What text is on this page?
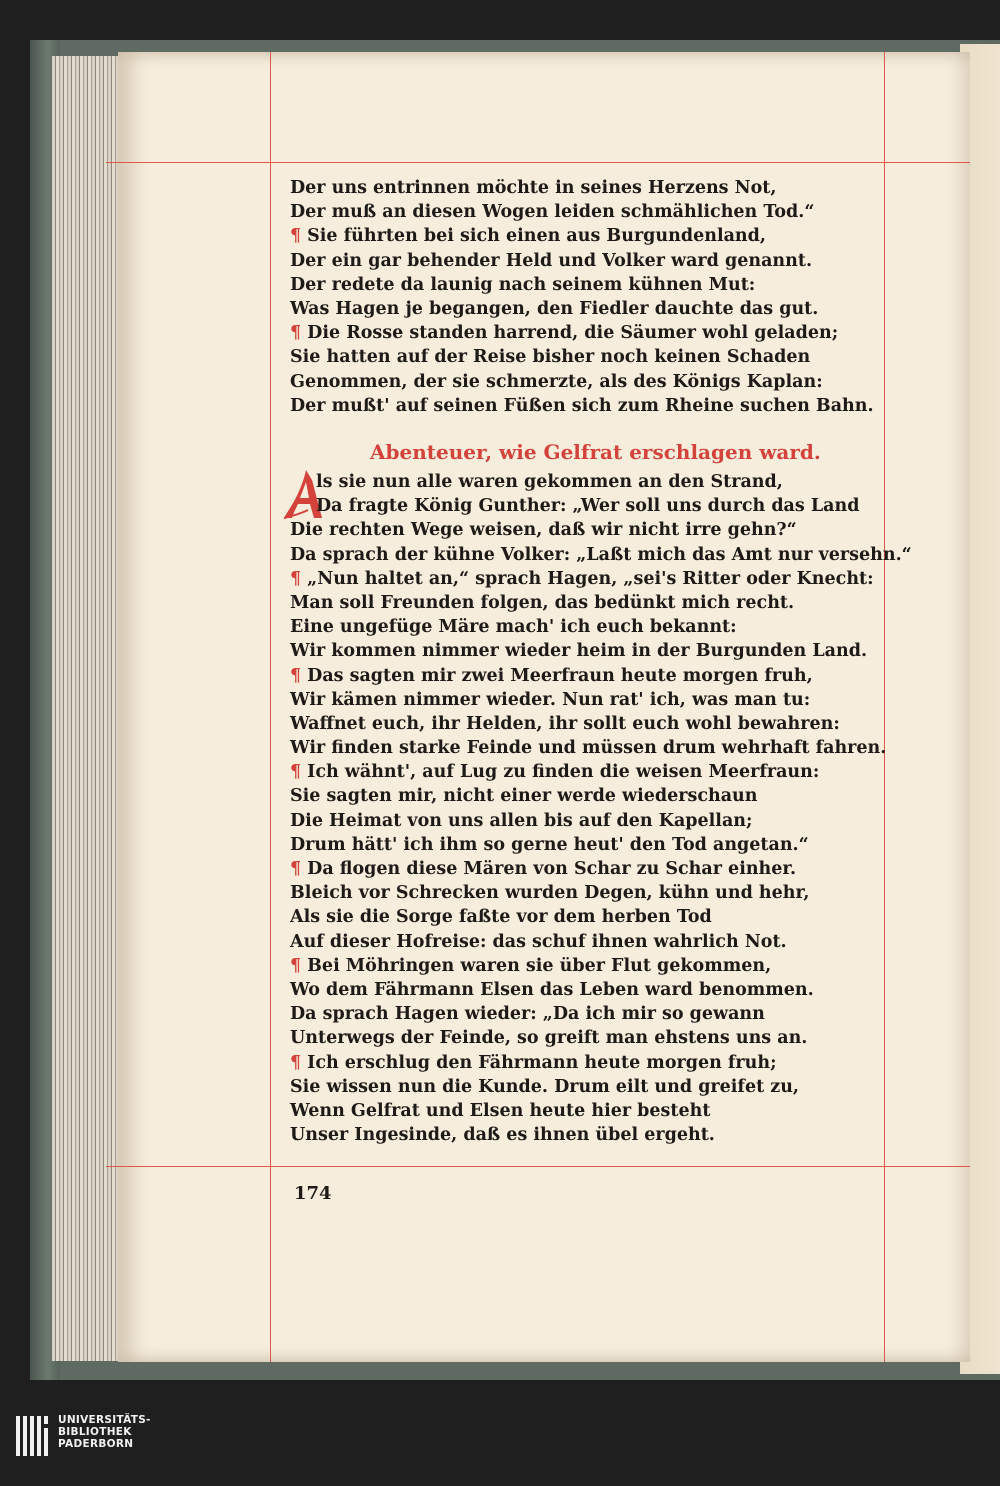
Der uns entrinnen möchte in seines Herzens Not,
Der muß an diesen Wogen leiden schmählichen Tod.“
¶ Sie führten bei sich einen aus Burgundenland,
Der ein gar behender Held und Volker ward genannt.
Der redete da launig nach seinem kühnen Mut:
Was Hagen je begangen, den Fiedler dauchte das gut.
¶ Die Rosse standen harrend, die Säumer wohl geladen;
Sie hatten auf der Reise bisher noch keinen Schaden
Genommen, der sie schmerzte, als des Königs Kaplan:
Der mußt' auf seinen Füßen sich zum Rheine suchen Bahn.
Abenteuer, wie Gelfrat erschlagen ward.
ls sie nun alle waren gekommen an den Strand,
Da fragte König Gunther: „Wer soll uns durch das Land
Die rechten Wege weisen, daß wir nicht irre gehn?“
Da sprach der kühne Volker: „Laßt mich das Amt nur versehn.“
¶ „Nun haltet an,“ sprach Hagen, „sei's Ritter oder Knecht:
Man soll Freunden folgen, das bedünkt mich recht.
Eine ungefüge Märe mach' ich euch bekannt:
Wir kommen nimmer wieder heim in der Burgunden Land.
¶ Das sagten mir zwei Meerfraun heute morgen fruh,
Wir kämen nimmer wieder. Nun rat' ich, was man tu:
Waffnet euch, ihr Helden, ihr sollt euch wohl bewahren:
Wir finden starke Feinde und müssen drum wehrhaft fahren.
¶ Ich wähnt', auf Lug zu finden die weisen Meerfraun:
Sie sagten mir, nicht einer werde wiederschaun
Die Heimat von uns allen bis auf den Kapellan;
Drum hätt' ich ihm so gerne heut' den Tod angetan.“
¶ Da flogen diese Mären von Schar zu Schar einher.
Bleich vor Schrecken wurden Degen, kühn und hehr,
Als sie die Sorge faßte vor dem herben Tod
Auf dieser Hofreise: das schuf ihnen wahrlich Not.
¶ Bei Möhringen waren sie über Flut gekommen,
Wo dem Fährmann Elsen das Leben ward benommen.
Da sprach Hagen wieder: „Da ich mir so gewann
Unterwegs der Feinde, so greift man ehstens uns an.
¶ Ich erschlug den Fährmann heute morgen fruh;
Sie wissen nun die Kunde. Drum eilt und greifet zu,
Wenn Gelfrat und Elsen heute hier besteht
Unser Ingesinde, daß es ihnen übel ergeht.
174
UNIVERSITÄTS-
BIBLIOTHEK
PADERBORN
